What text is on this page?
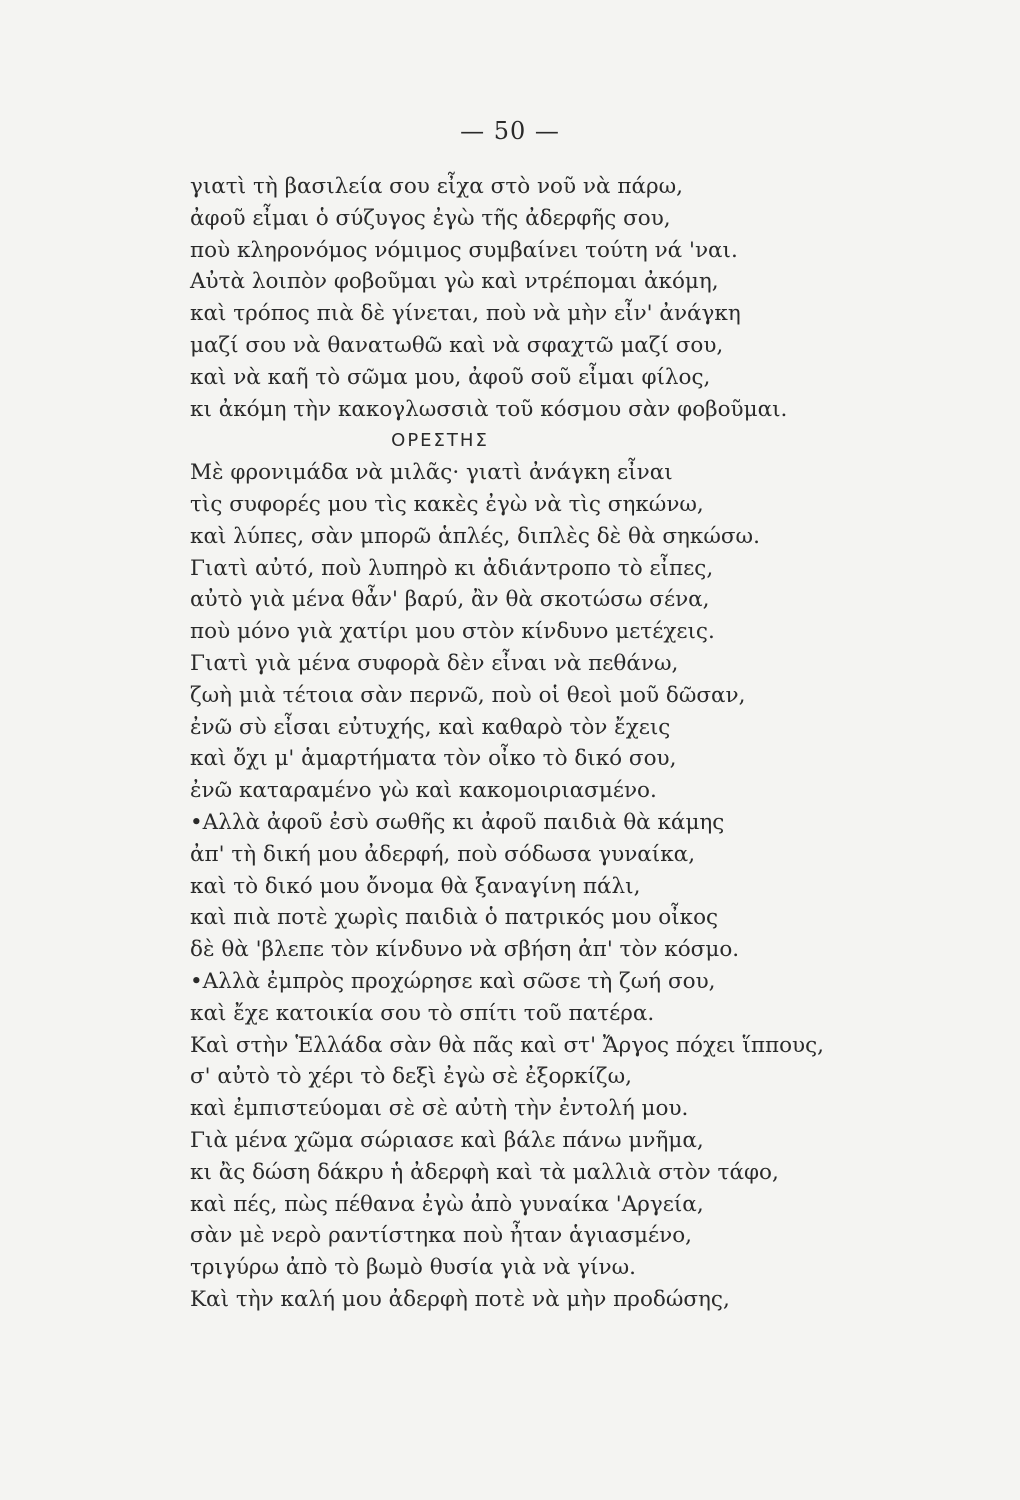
— 50 —
γιατὶ τὴ βασιλεία σου εἶχα στὸ νοῦ νὰ πάρω,
ἀφοῦ εἶμαι ὁ σύζυγος ἐγὼ τῆς ἀδερφῆς σου,
ποὺ κληρονόμος νόμιμος συμβαίνει τούτη νά 'ναι.
Αὐτὰ λοιπὸν φοβοῦμαι γὼ καὶ ντρέπομαι ἀκόμη,
καὶ τρόπος πιὰ δὲ γίνεται, ποὺ νὰ μὴν εἶν' ἀνάγκη
μαζί σου νὰ θανατωθῶ καὶ νὰ σφαχτῶ μαζί σου,
καὶ νὰ καῆ τὸ σῶμα μου, ἀφοῦ σοῦ εἶμαι φίλος,
κι ἀκόμη τὴν κακογλωσσιὰ τοῦ κόσμου σὰν φοβοῦμαι.
ΟΡΕΣΤΗΣ
Μὲ φρονιμάδα νὰ μιλᾶς· γιατὶ ἀνάγκη εἶναι
τὶς συφορές μου τὶς κακὲς ἐγὼ νὰ τὶς σηκώνω,
καὶ λύπες, σὰν μπορῶ ἁπλές, διπλὲς δὲ θὰ σηκώσω.
Γιατὶ αὐτό, ποὺ λυπηρὸ κι ἀδιάντροπο τὸ εἶπες,
αὐτὸ γιὰ μένα θἆν' βαρύ, ἂν θὰ σκοτώσω σένα,
ποὺ μόνο γιὰ χατίρι μου στὸν κίνδυνο μετέχεις.
Γιατὶ γιὰ μένα συφορὰ δὲν εἶναι νὰ πεθάνω,
ζωὴ μιὰ τέτοια σὰν περνῶ, ποὺ οἱ θεοὶ μοῦ δῶσαν,
ἐνῶ σὺ εἶσαι εὐτυχής, καὶ καθαρὸ τὸν ἔχεις
καὶ ὄχι μ' ἁμαρτήματα τὸν οἶκο τὸ δικό σου,
ἐνῶ καταραμένο γὼ καὶ κακομοιριασμένο.
•Αλλὰ ἀφοῦ ἐσὺ σωθῆς κι ἀφοῦ παιδιὰ θὰ κάμης
ἀπ' τὴ δική μου ἀδερφή, ποὺ σόδωσα γυναίκα,
καὶ τὸ δικό μου ὄνομα θὰ ξαναγίνη πάλι,
καὶ πιὰ ποτὲ χωρὶς παιδιὰ ὁ πατρικός μου οἶκος
δὲ θὰ 'βλεπε τὸν κίνδυνο νὰ σβήση ἀπ' τὸν κόσμο.
•Αλλὰ ἐμπρὸς προχώρησε καὶ σῶσε τὴ ζωή σου,
καὶ ἔχε κατοικία σου τὸ σπίτι τοῦ πατέρα.
Καὶ στὴν Ἑλλάδα σὰν θὰ πᾶς καὶ στ' Ἄργος πόχει ἵππους,
σ' αὐτὸ τὸ χέρι τὸ δεξὶ ἐγὼ σὲ ἐξορκίζω,
καὶ ἐμπιστεύομαι σὲ σὲ αὐτὴ τὴν ἐντολή μου.
Γιὰ μένα χῶμα σώριασε καὶ βάλε πάνω μνῆμα,
κι ἂς δώση δάκρυ ἡ ἀδερφὴ καὶ τὰ μαλλιὰ στὸν τάφο,
καὶ πές, πὼς πέθανα ἐγὼ ἀπὸ γυναίκα 'Αργεία,
σὰν μὲ νερὸ ραντίστηκα ποὺ ἦταν ἁγιασμένο,
τριγύρω ἀπὸ τὸ βωμὸ θυσία γιὰ νὰ γίνω.
Καὶ τὴν καλή μου ἀδερφὴ ποτὲ νὰ μὴν προδώσης,
